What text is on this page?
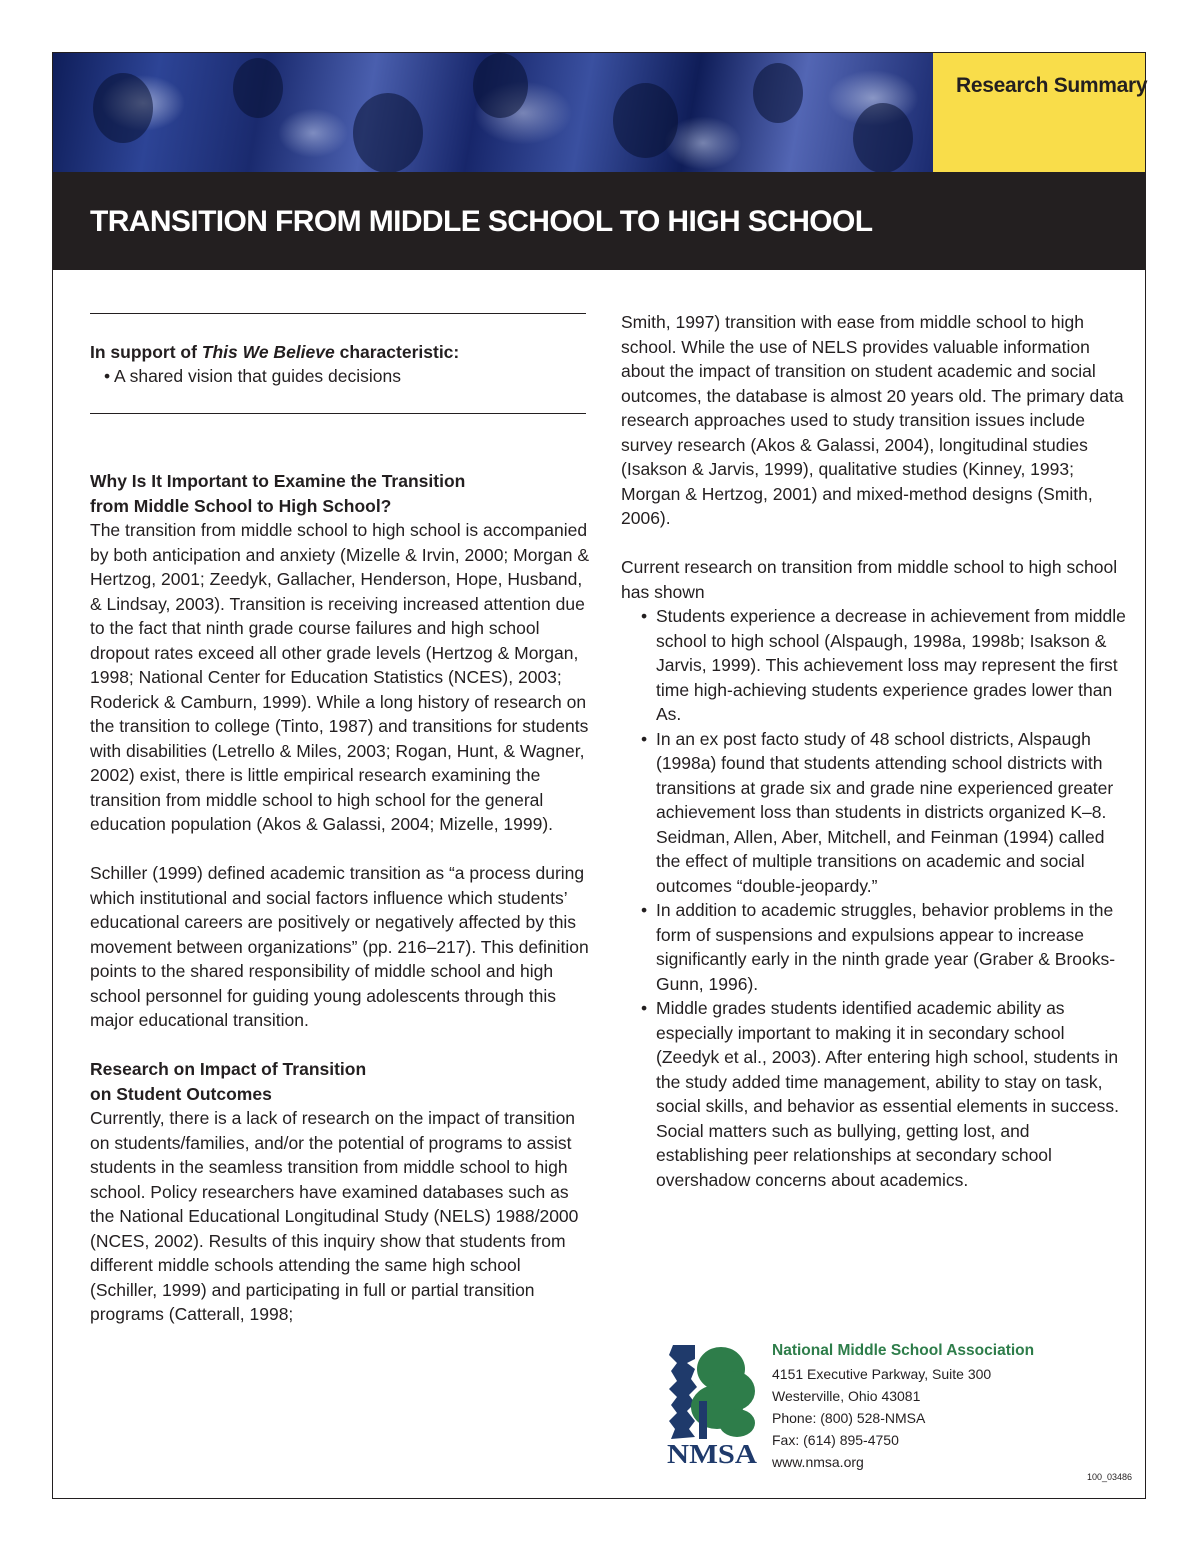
Research Summary
TRANSITION FROM MIDDLE SCHOOL TO HIGH SCHOOL
In support of This We Believe characteristic:
• A shared vision that guides decisions

Why Is It Important to Examine the Transition
from Middle School to High School?

The transition from middle school to high school is accompanied by both anticipation and anxiety (Mizelle & Irvin, 2000; Morgan & Hertzog, 2001; Zeedyk, Gallacher, Henderson, Hope, Husband, & Lindsay, 2003). Transition is receiving increased attention due to the fact that ninth grade course failures and high school dropout rates exceed all other grade levels (Hertzog & Morgan, 1998; National Center for Education Statistics (NCES), 2003; Roderick & Camburn, 1999). While a long history of research on the transition to college (Tinto, 1987) and transitions for students with disabilities (Letrello & Miles, 2003; Rogan, Hunt, & Wagner, 2002) exist, there is little empirical research examining the transition from middle school to high school for the general education population (Akos & Galassi, 2004; Mizelle, 1999).

Schiller (1999) defined academic transition as “a process during which institutional and social factors influence which students’ educational careers are positively or negatively affected by this movement between organizations” (pp. 216–217). This definition points to the shared responsibility of middle school and high school personnel for guiding young adolescents through this major educational transition.

Research on Impact of Transition
on Student Outcomes

Currently, there is a lack of research on the impact of transition on students/families, and/or the potential of programs to assist students in the seamless transition from middle school to high school. Policy researchers have examined databases such as the National Educational Longitudinal Study (NELS) 1988/2000 (NCES, 2002). Results of this inquiry show that students from different middle schools attending the same high school (Schiller, 1999) and participating in full or partial transition programs (Catterall, 1998;

Smith, 1997) transition with ease from middle school to high school. While the use of NELS provides valuable information about the impact of transition on student academic and social outcomes, the database is almost 20 years old. The primary data research approaches used to study transition issues include survey research (Akos & Galassi, 2004), longitudinal studies (Isakson & Jarvis, 1999), qualitative studies (Kinney, 1993; Morgan & Hertzog, 2001) and mixed-method designs (Smith, 2006).

Current research on transition from middle school to high school has shown

• Students experience a decrease in achievement from middle school to high school (Alspaugh, 1998a, 1998b; Isakson & Jarvis, 1999). This achievement loss may represent the first time high-achieving students experience grades lower than As.
• In an ex post facto study of 48 school districts, Alspaugh (1998a) found that students attending school districts with transitions at grade six and grade nine experienced greater achievement loss than students in districts organized K–8. Seidman, Allen, Aber, Mitchell, and Feinman (1994) called the effect of multiple transitions on academic and social outcomes “double-jeopardy.”
• In addition to academic struggles, behavior problems in the form of suspensions and expulsions appear to increase significantly early in the ninth grade year (Graber & Brooks-Gunn, 1996).
• Middle grades students identified academic ability as especially important to making it in secondary school (Zeedyk et al., 2003). After entering high school, students in the study added time management, ability to stay on task, social skills, and behavior as essential elements in success. Social matters such as bullying, getting lost, and establishing peer relationships at secondary school overshadow concerns about academics.
NMSA
National Middle School Association
4151 Executive Parkway, Suite 300
Westerville, Ohio 43081
Phone: (800) 528-NMSA
Fax: (614) 895-4750
www.nmsa.org
100_03486
